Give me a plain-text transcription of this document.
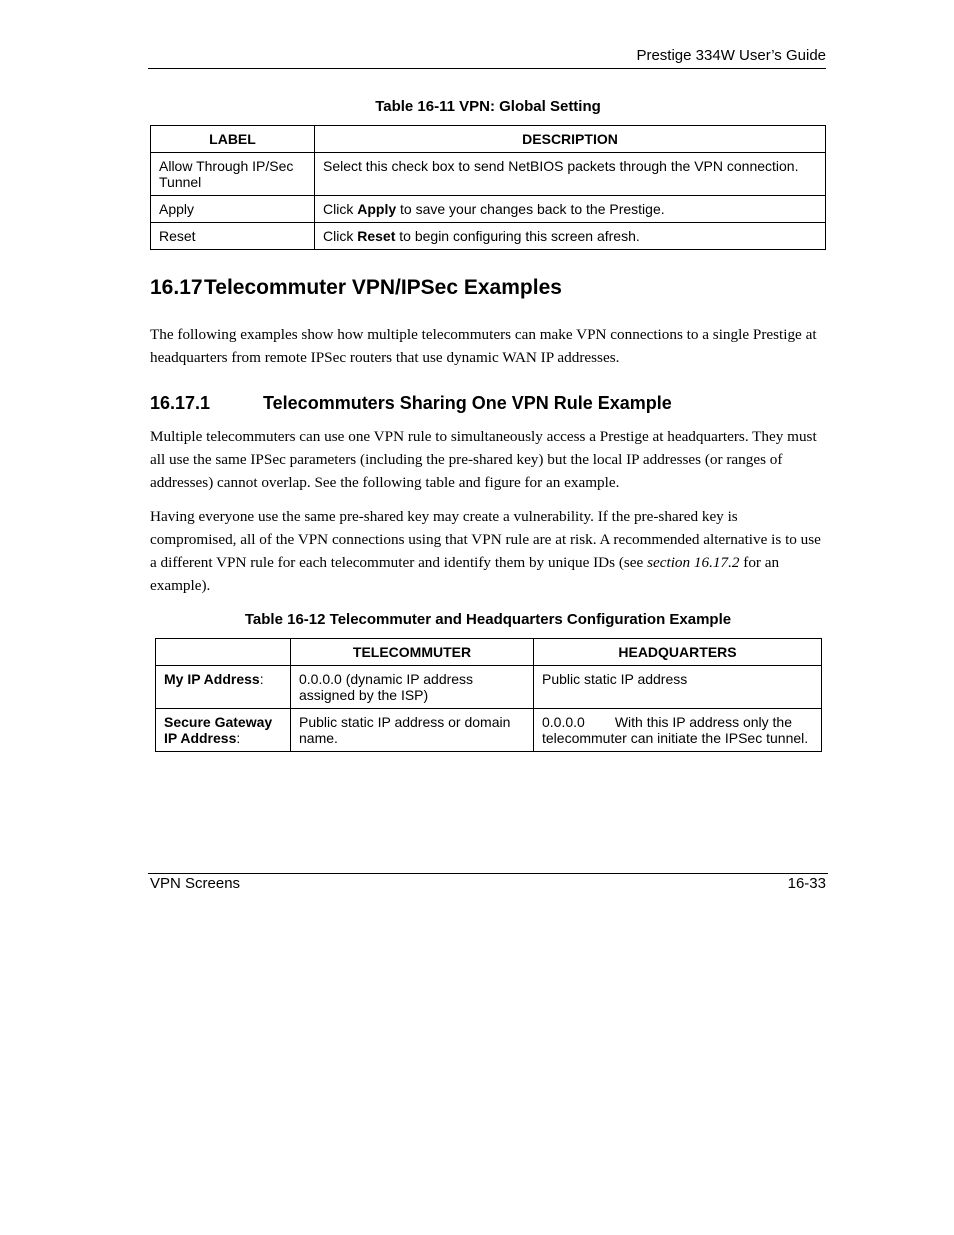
Prestige 334W User’s Guide
Table 16-11 VPN: Global Setting
LABEL	DESCRIPTION
Allow Through IP/Sec Tunnel	Select this check box to send NetBIOS packets through the VPN connection.
Apply	Click Apply to save your changes back to the Prestige.
Reset	Click Reset to begin configuring this screen afresh.
16.17Telecommuter VPN/IPSec Examples
The following examples show how multiple telecommuters can make VPN connections to a single Prestige at headquarters from remote IPSec routers that use dynamic WAN IP addresses.
16.17.1	Telecommuters Sharing One VPN Rule Example
Multiple telecommuters can use one VPN rule to simultaneously access a Prestige at headquarters. They must all use the same IPSec parameters (including the pre-shared key) but the local IP addresses (or ranges of addresses) cannot overlap. See the following table and figure for an example.
Having everyone use the same pre-shared key may create a vulnerability. If the pre-shared key is compromised, all of the VPN connections using that VPN rule are at risk. A recommended alternative is to use a different VPN rule for each telecommuter and identify them by unique IDs (see section 16.17.2 for an example).
Table 16-12 Telecommuter and Headquarters Configuration Example
	TELECOMMUTER	HEADQUARTERS
My IP Address:	0.0.0.0 (dynamic IP address assigned by the ISP)	Public static IP address
Secure Gateway IP Address:	Public static IP address or domain name.	0.0.0.0 With this IP address only the telecommuter can initiate the IPSec tunnel.
VPN Screens	16-33
